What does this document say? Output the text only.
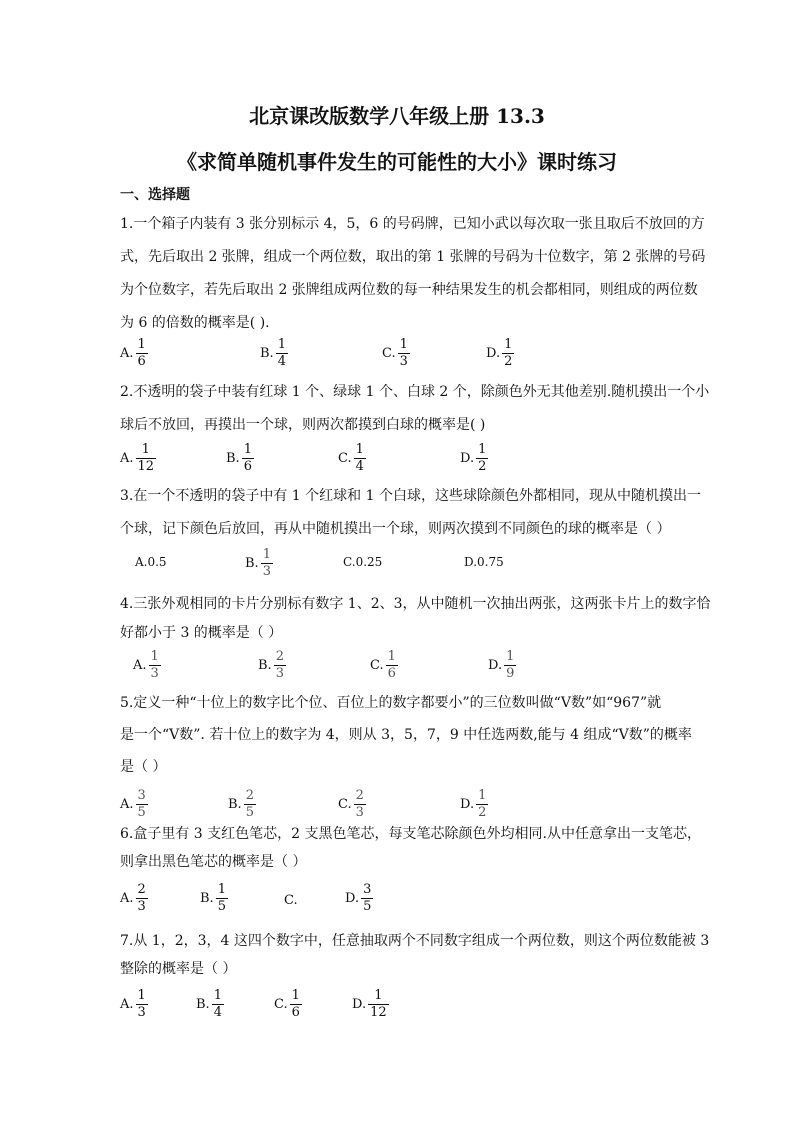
北京课改版数学八年级上册 13.3
《求简单随机事件发生的可能性的大小》课时练习
一、选择题
1.一个箱子内装有 3 张分别标示 4，5，6 的号码牌，已知小武以每次取一张且取后不放回的方
式，先后取出 2 张牌，组成一个两位数，取出的第 1 张牌的号码为十位数字，第 2 张牌的号码
为个位数字，若先后取出 2 张牌组成两位数的每一种结果发生的机会都相同，则组成的两位数
为 6 的倍数的概率是( ).
A. $\frac{1}{6}$	B. $\frac{1}{4}$	C. $\frac{1}{3}$	D. $\frac{1}{2}$
2.不透明的袋子中装有红球 1 个、绿球 1 个、白球 2 个，除颜色外无其他差别.随机摸出一个小
球后不放回，再摸出一个球，则两次都摸到白球的概率是( )
A. $\frac{1}{12}$	B. $\frac{1}{6}$	C. $\frac{1}{4}$	D. $\frac{1}{2}$
3.在一个不透明的袋子中有 1 个红球和 1 个白球，这些球除颜色外都相同，现从中随机摸出一
个球，记下颜色后放回，再从中随机摸出一个球，则两次摸到不同颜色的球的概率是（ ）
A.0.5	B. $\frac{1}{3}$	C.0.25	D.0.75
4.三张外观相同的卡片分别标有数字 1、2、3，从中随机一次抽出两张，这两张卡片上的数字恰
好都小于 3 的概率是（ ）
A. $\frac{1}{3}$	B. $\frac{2}{3}$	C. $\frac{1}{6}$	D. $\frac{1}{9}$
5.定义一种“十位上的数字比个位、百位上的数字都要小”的三位数叫做“V数”如“967”就
是一个“V数”. 若十位上的数字为 4，则从 3，5，7，9 中任选两数,能与 4 组成“V数”的概率
是（ ）
A. $\frac{3}{5}$	B. $\frac{2}{5}$	C. $\frac{2}{3}$	D. $\frac{1}{2}$
6.盒子里有 3 支红色笔芯，2 支黑色笔芯，每支笔芯除颜色外均相同.从中任意拿出一支笔芯，
则拿出黑色笔芯的概率是（ ）
A. $\frac{2}{3}$	B. $\frac{1}{5}$	C.	D. $\frac{3}{5}$
7.从 1，2，3，4 这四个数字中，任意抽取两个不同数字组成一个两位数，则这个两位数能被 3
整除的概率是（ ）
A. $\frac{1}{3}$	B. $\frac{1}{4}$	C. $\frac{1}{6}$	D. $\frac{1}{12}$
